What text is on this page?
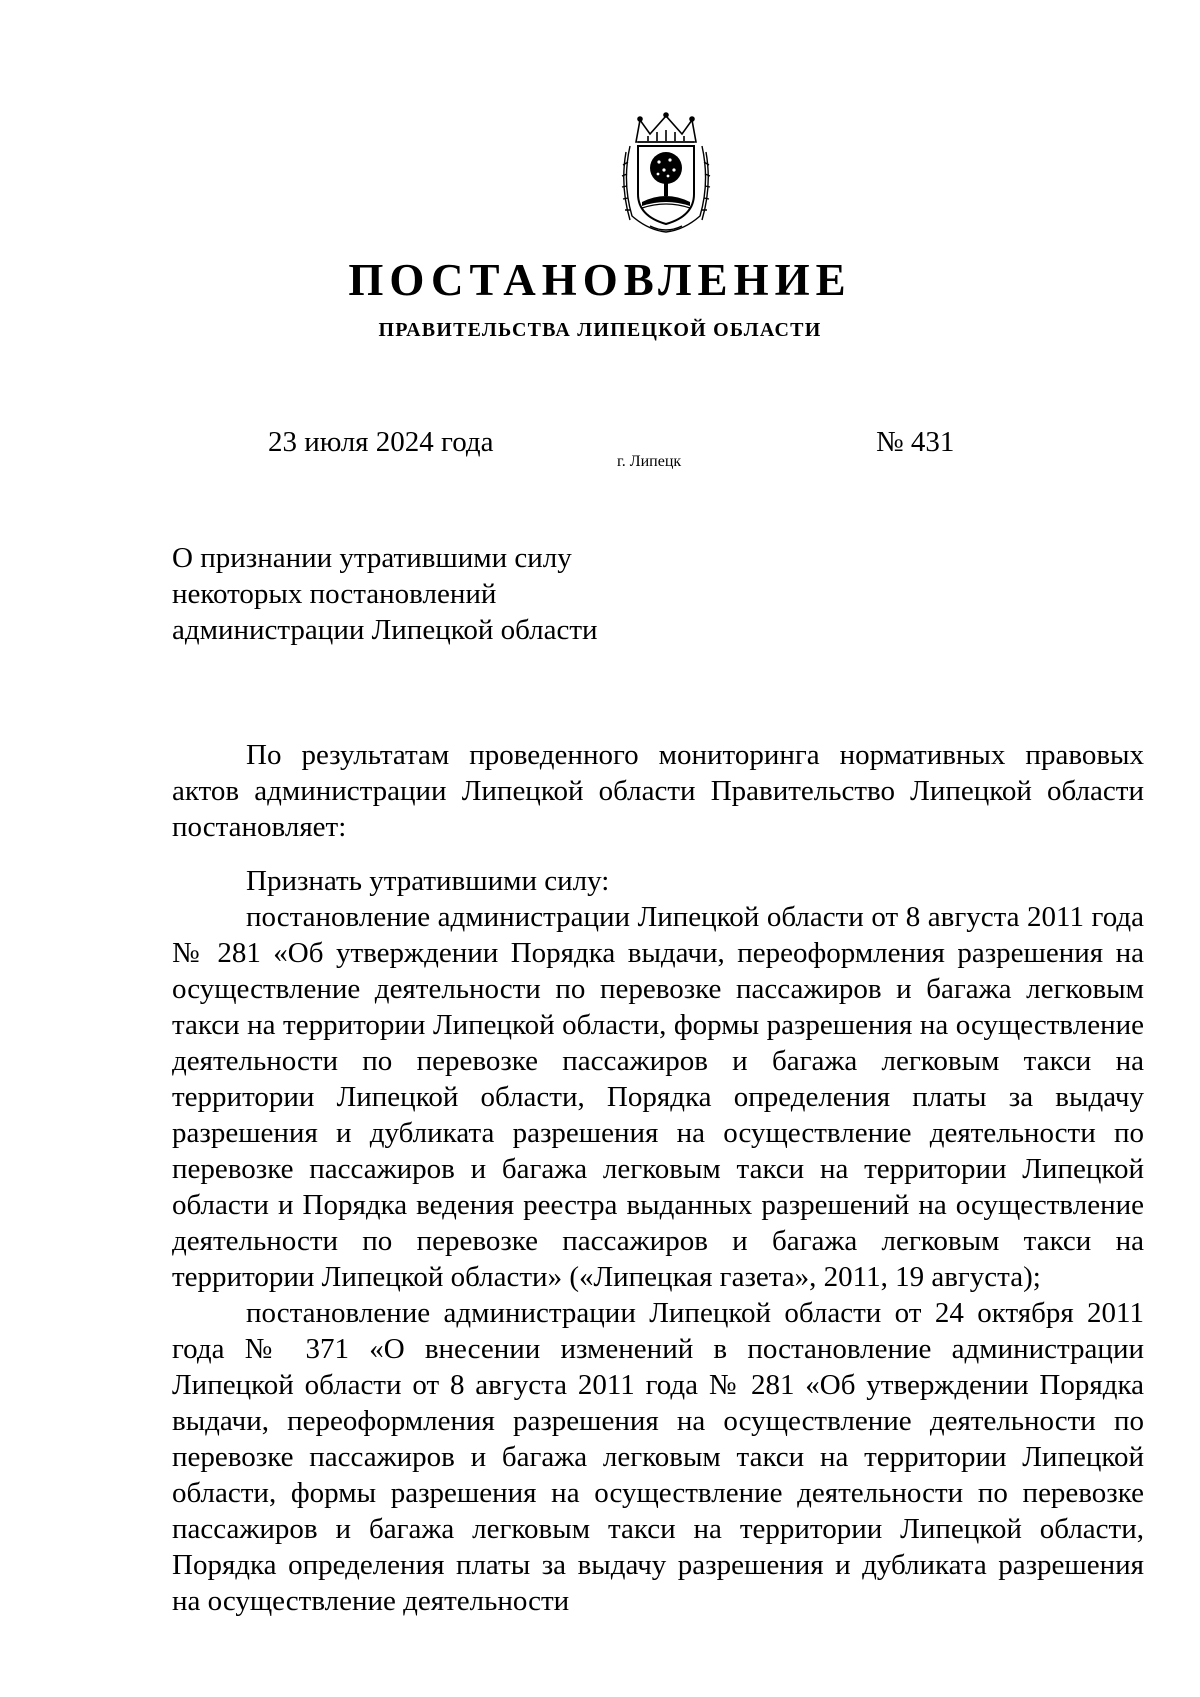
ПОСТАНОВЛЕНИЕ
ПРАВИТЕЛЬСТВА ЛИПЕЦКОЙ ОБЛАСТИ
23 июля 2024 года
г. Липецк
№ 431
О признании утратившими силу
некоторых постановлений
администрации Липецкой области

По результатам проведенного мониторинга нормативных правовых актов администрации Липецкой области Правительство Липецкой области постановляет:

Признать утратившими силу:

постановление администрации Липецкой области от 8 августа 2011 года № 281 «Об утверждении Порядка выдачи, переоформления разрешения на осуществление деятельности по перевозке пассажиров и багажа легковым такси на территории Липецкой области, формы разрешения на осуществление деятельности по перевозке пассажиров и багажа легковым такси на территории Липецкой области, Порядка определения платы за выдачу разрешения и дубликата разрешения на осуществление деятельности по перевозке пассажиров и багажа легковым такси на территории Липецкой области и Порядка ведения реестра выданных разрешений на осуществление деятельности по перевозке пассажиров и багажа легковым такси на территории Липецкой области» («Липецкая газета», 2011, 19 августа);

постановление администрации Липецкой области от 24 октября 2011 года № 371 «О внесении изменений в постановление администрации Липецкой области от 8 августа 2011 года № 281 «Об утверждении Порядка выдачи, переоформления разрешения на осуществление деятельности по перевозке пассажиров и багажа легковым такси на территории Липецкой области, формы разрешения на осуществление деятельности по перевозке пассажиров и багажа легковым такси на территории Липецкой области, Порядка определения платы за выдачу разрешения и дубликата разрешения на осуществление деятельности
